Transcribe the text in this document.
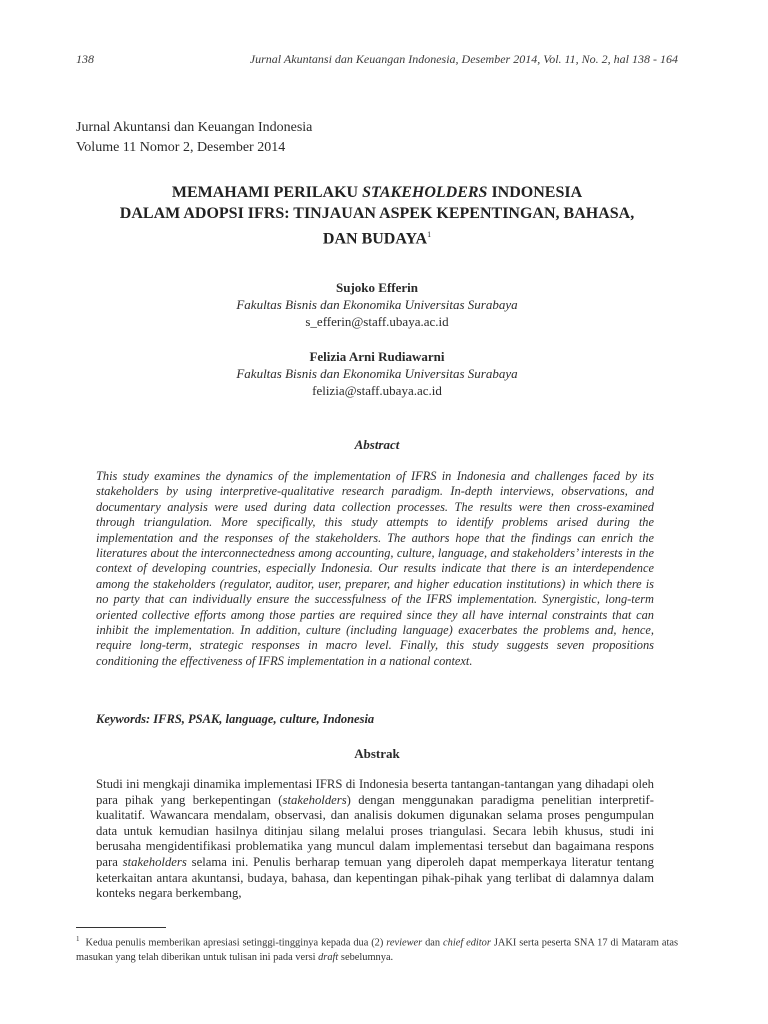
138	Jurnal Akuntansi dan Keuangan Indonesia, Desember 2014, Vol. 11, No. 2, hal 138 - 164
Jurnal Akuntansi dan Keuangan Indonesia
Volume 11 Nomor 2, Desember 2014
MEMAHAMI PERILAKU STAKEHOLDERS INDONESIA
DALAM ADOPSI IFRS: TINJAUAN ASPEK KEPENTINGAN, BAHASA,
DAN BUDAYA$^1$
Sujoko Efferin
Fakultas Bisnis dan Ekonomika Universitas Surabaya
s_efferin@staff.ubaya.ac.id
Felizia Arni Rudiawarni
Fakultas Bisnis dan Ekonomika Universitas Surabaya
felizia@staff.ubaya.ac.id
Abstract
This study examines the dynamics of the implementation of IFRS in Indonesia and challenges faced by its stakeholders by using interpretive-qualitative research paradigm. In-depth interviews, observations, and documentary analysis were used during data collection processes. The results were then cross-examined through triangulation. More specifically, this study attempts to identify problems arised during the implementation and the responses of the stakeholders. The authors hope that the findings can enrich the literatures about the interconnectedness among accounting, culture, language, and stakeholders’ interests in the context of developing countries, especially Indonesia. Our results indicate that there is an interdependence among the stakeholders (regulator, auditor, user, preparer, and higher education institutions) in which there is no party that can individually ensure the successfulness of the IFRS implementation. Synergistic, long-term oriented collective efforts among those parties are required since they all have internal constraints that can inhibit the implementation. In addition, culture (including language) exacerbates the problems and, hence, require long-term, strategic responses in macro level. Finally, this study suggests seven propositions conditioning the effectiveness of IFRS implementation in a national context.
Keywords: IFRS, PSAK, language, culture, Indonesia
Abstrak
Studi ini mengkaji dinamika implementasi IFRS di Indonesia beserta tantangan-tantangan yang dihadapi oleh para pihak yang berkepentingan (stakeholders) dengan menggunakan paradigma penelitian interpretif-kualitatif. Wawancara mendalam, observasi, dan analisis dokumen digunakan selama proses pengumpulan data untuk kemudian hasilnya ditinjau silang melalui proses triangulasi. Secara lebih khusus, studi ini berusaha mengidentifikasi problematika yang muncul dalam implementasi tersebut dan bagaimana respons para stakeholders selama ini. Penulis berharap temuan yang diperoleh dapat memperkaya literatur tentang keterkaitan antara akuntansi, budaya, bahasa, dan kepentingan pihak-pihak yang terlibat di dalamnya dalam konteks negara berkembang,
$^1$ Kedua penulis memberikan apresiasi setinggi-tingginya kepada dua (2) reviewer dan chief editor JAKI serta peserta SNA 17 di Mataram atas masukan yang telah diberikan untuk tulisan ini pada versi draft sebelumnya.
